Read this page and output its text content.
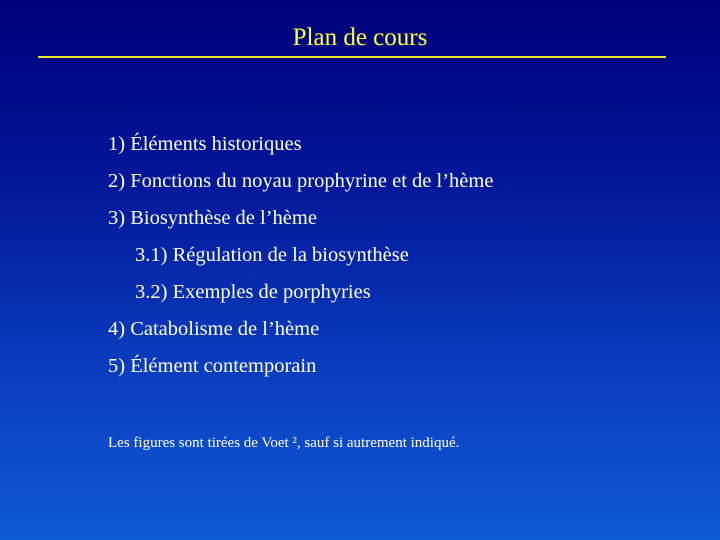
Plan de cours
1) Éléments historiques
2) Fonctions du noyau prophyrine et de l’hème
3) Biosynthèse de l’hème
3.1) Régulation de la biosynthèse
3.2) Exemples de porphyries
4) Catabolisme de l’hème
5) Élément contemporain
Les figures sont tirées de Voet ², sauf si autrement indiqué.
